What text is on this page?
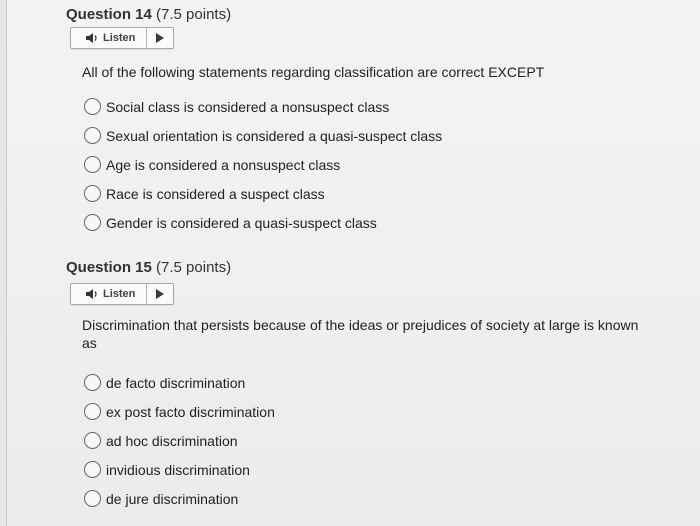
Question 14 (7.5 points)
Listen
All of the following statements regarding classification are correct EXCEPT
Social class is considered a nonsuspect class
Sexual orientation is considered a quasi-suspect class
Age is considered a nonsuspect class
Race is considered a suspect class
Gender is considered a quasi-suspect class
Question 15 (7.5 points)
Listen
Discrimination that persists because of the ideas or prejudices of society at large is known as
de facto discrimination
ex post facto discrimination
ad hoc discrimination
invidious discrimination
de jure discrimination
